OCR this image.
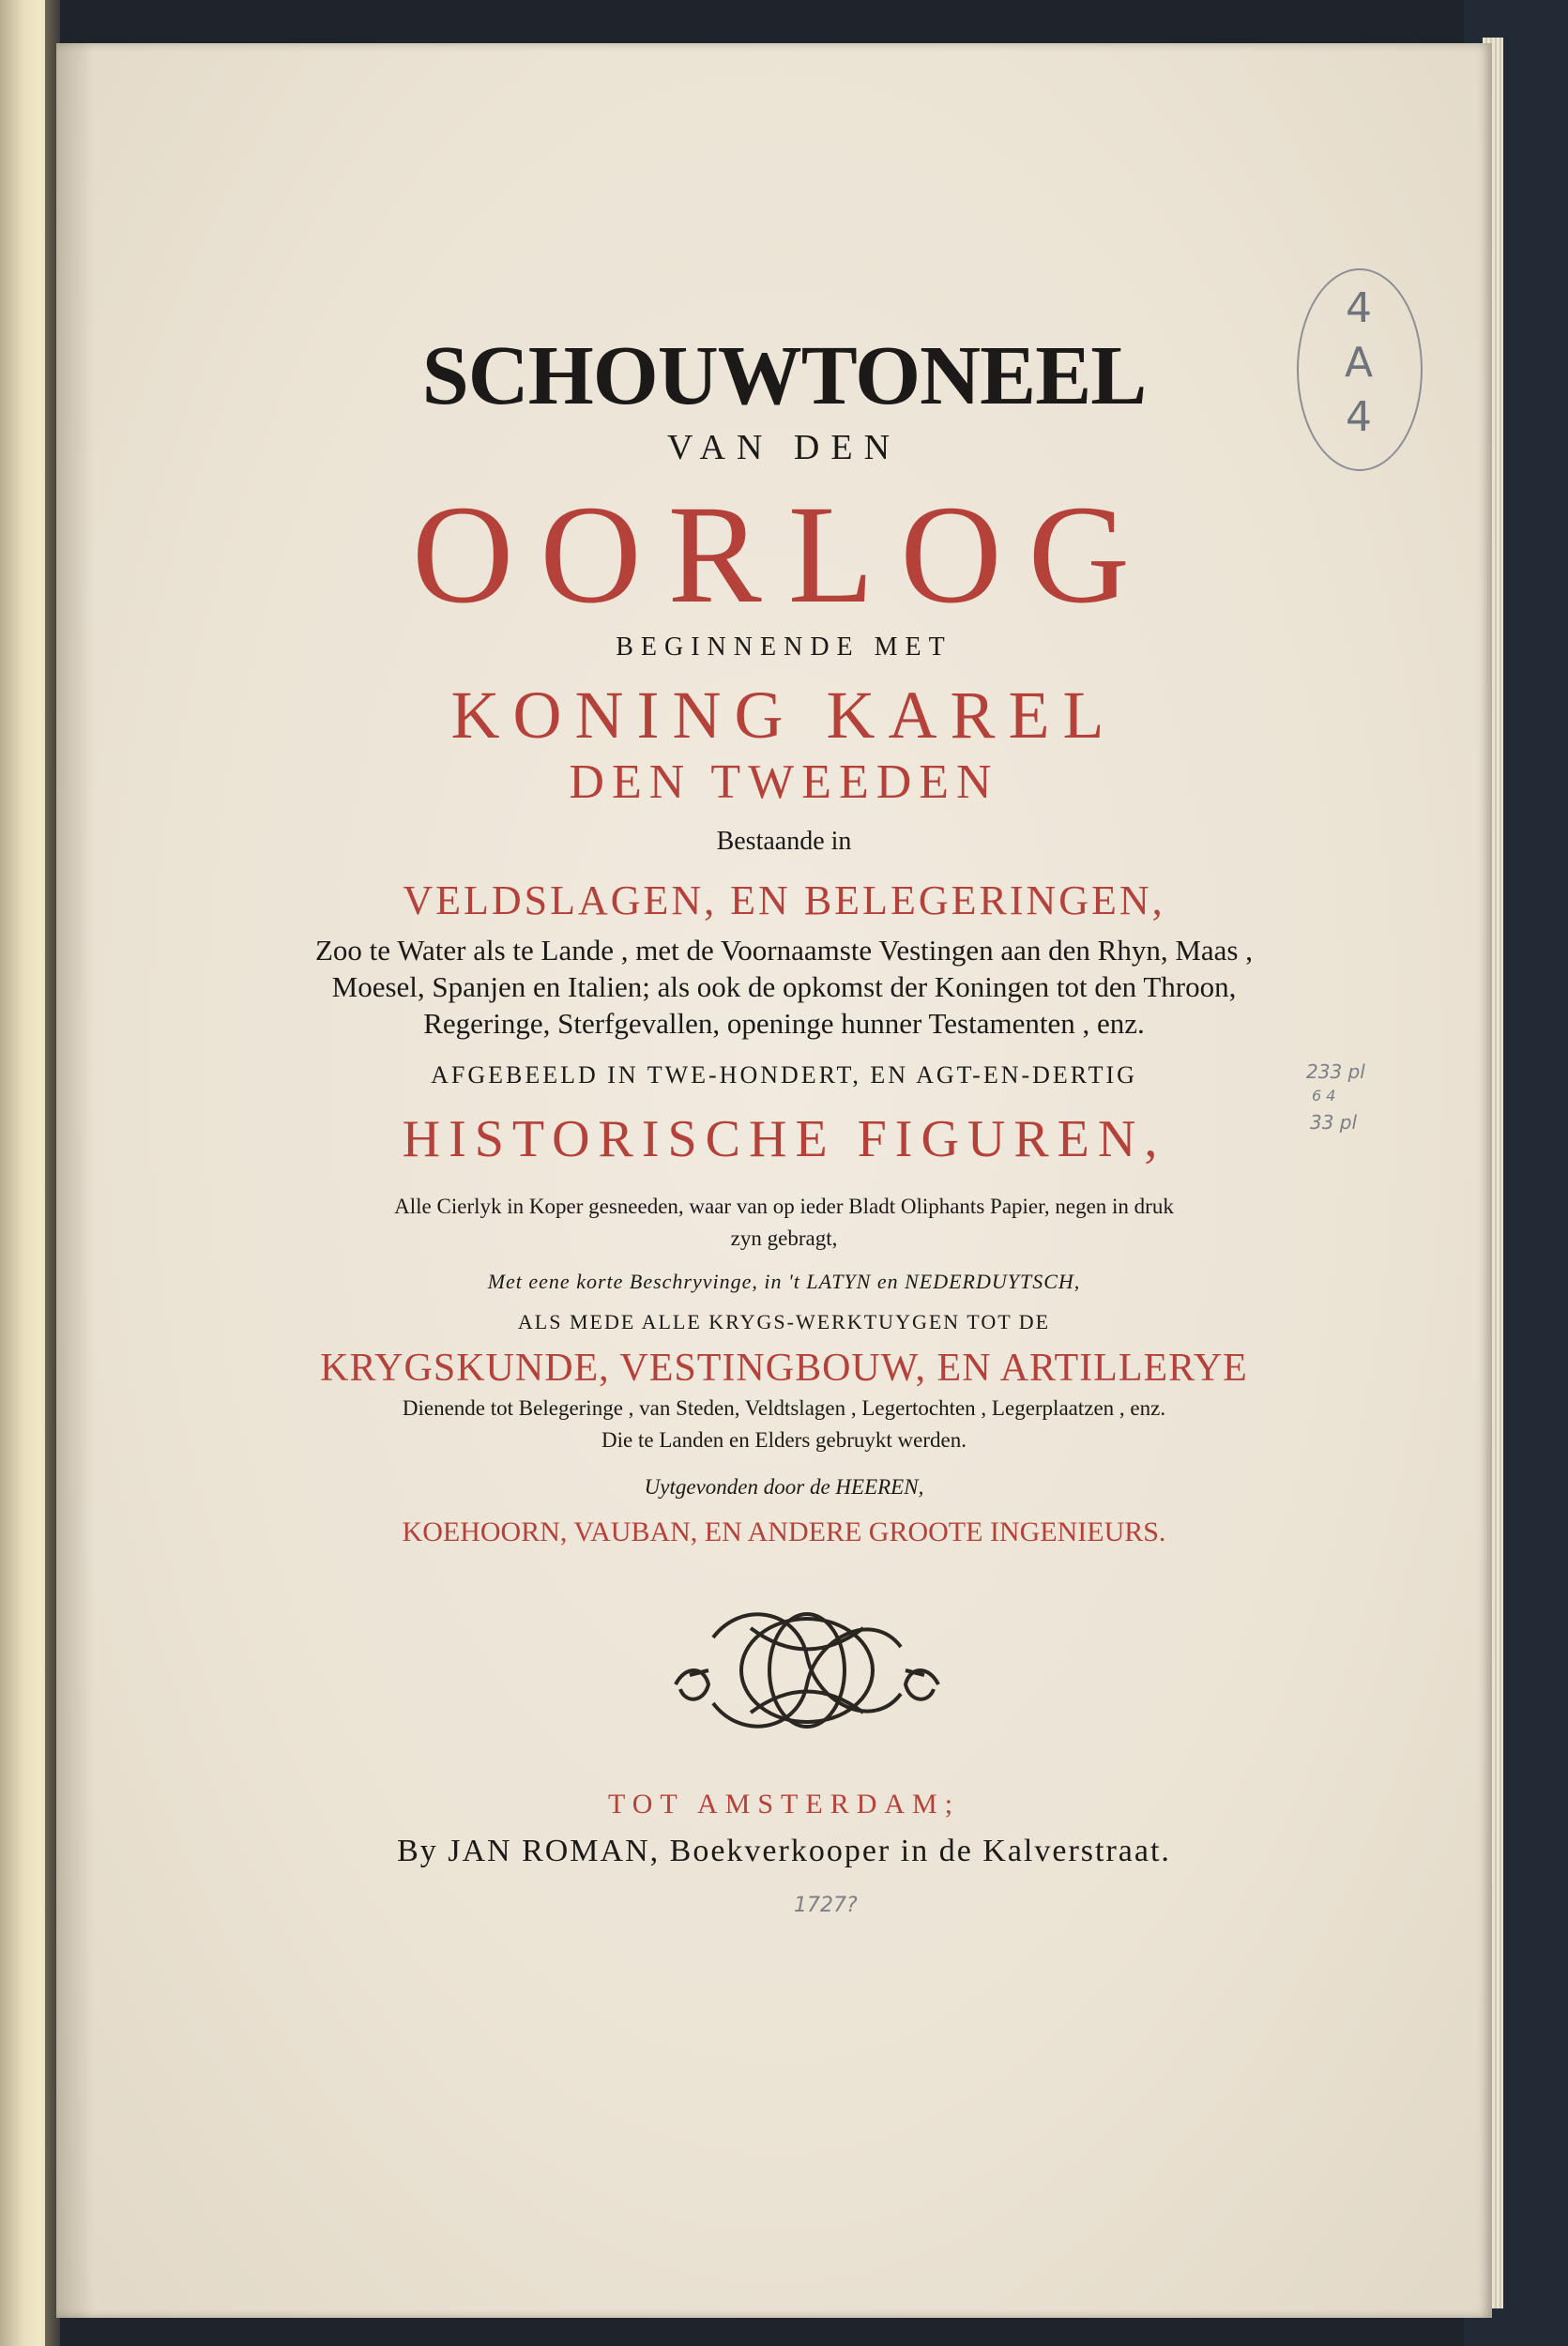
SCHOUWTONEEL

VAN DEN

OORLOG

BEGINNENDE MET

KONING KAREL

DEN TWEEDEN

Bestaande in

VELDSLAGEN, EN BELEGERINGEN,

Zoo te Water als te Lande , met de Voornaamste Vestingen aan den Rhyn, Maas ,

Moesel, Spanjen en Italien; als ook de opkomst der Koningen tot den Throon,

Regeringe, Sterfgevallen, openinge hunner Testamenten , enz.

AFGEBEELD IN TWE-HONDERT, EN AGT-EN-DERTIG

HISTORISCHE FIGUREN,

Alle Cierlyk in Koper gesneeden, waar van op ieder Bladt Oliphants Papier, negen in druk

zyn gebragt,

Met eene korte Beschryvinge, in 't LATYN en NEDERDUYTSCH,

ALS MEDE ALLE KRYGS-WERKTUYGEN TOT DE

KRYGSKUNDE, VESTINGBOUW, EN ARTILLERYE

Dienende tot Belegeringe , van Steden, Veldtslagen , Legertochten , Legerplaatzen , enz.

Die te Landen en Elders gebruykt werden.

Uytgevonden door de HEEREN,

KOEHOORN, VAUBAN, EN ANDERE GROOTE INGENIEURS.

TOT AMSTERDAM;

By JAN ROMAN, Boekverkooper in de Kalverstraat.

4 A 4
233 pl
6 4
33 pl
1727?
